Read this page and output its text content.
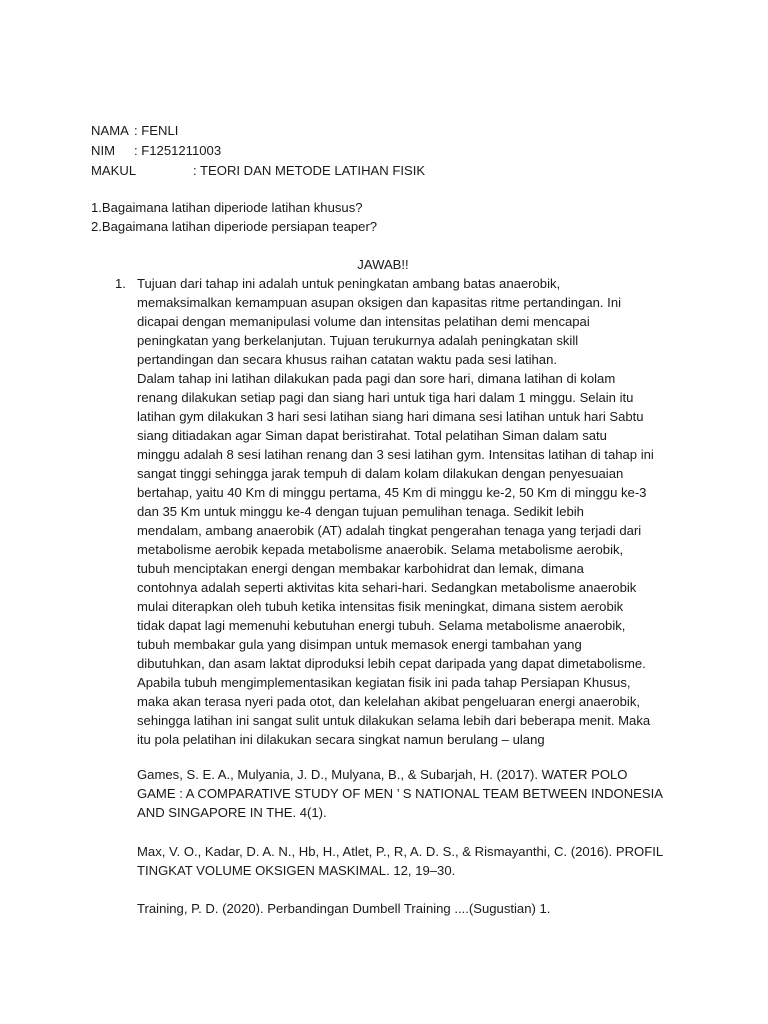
NAMA : FENLI
NIM : F1251211003
MAKUL	: TEORI DAN METODE LATIHAN FISIK
1.Bagaimana latihan diperiode latihan khusus?
2.Bagaimana latihan diperiode persiapan teaper?
JAWAB!!
1. Tujuan dari tahap ini adalah untuk peningkatan ambang batas anaerobik,
memaksimalkan kemampuan asupan oksigen dan kapasitas ritme pertandingan. Ini
dicapai dengan memanipulasi volume dan intensitas pelatihan demi mencapai
peningkatan yang berkelanjutan. Tujuan terukurnya adalah peningkatan skill
pertandingan dan secara khusus raihan catatan waktu pada sesi latihan.
Dalam tahap ini latihan dilakukan pada pagi dan sore hari, dimana latihan di kolam
renang dilakukan setiap pagi dan siang hari untuk tiga hari dalam 1 minggu. Selain itu
latihan gym dilakukan 3 hari sesi latihan siang hari dimana sesi latihan untuk hari Sabtu
siang ditiadakan agar Siman dapat beristirahat. Total pelatihan Siman dalam satu
minggu adalah 8 sesi latihan renang dan 3 sesi latihan gym. Intensitas latihan di tahap ini
sangat tinggi sehingga jarak tempuh di dalam kolam dilakukan dengan penyesuaian
bertahap, yaitu 40 Km di minggu pertama, 45 Km di minggu ke-2, 50 Km di minggu ke-3
dan 35 Km untuk minggu ke-4 dengan tujuan pemulihan tenaga. Sedikit lebih
mendalam, ambang anaerobik (AT) adalah tingkat pengerahan tenaga yang terjadi dari
metabolisme aerobik kepada metabolisme anaerobik. Selama metabolisme aerobik,
tubuh menciptakan energi dengan membakar karbohidrat dan lemak, dimana
contohnya adalah seperti aktivitas kita sehari-hari. Sedangkan metabolisme anaerobik
mulai diterapkan oleh tubuh ketika intensitas fisik meningkat, dimana sistem aerobik
tidak dapat lagi memenuhi kebutuhan energi tubuh. Selama metabolisme anaerobik,
tubuh membakar gula yang disimpan untuk memasok energi tambahan yang
dibutuhkan, dan asam laktat diproduksi lebih cepat daripada yang dapat dimetabolisme.
Apabila tubuh mengimplementasikan kegiatan fisik ini pada tahap Persiapan Khusus,
maka akan terasa nyeri pada otot, dan kelelahan akibat pengeluaran energi anaerobik,
sehingga latihan ini sangat sulit untuk dilakukan selama lebih dari beberapa menit. Maka
itu pola pelatihan ini dilakukan secara singkat namun berulang – ulang
Games, S. E. A., Mulyania, J. D., Mulyana, B., & Subarjah, H. (2017). WATER POLO
GAME : A COMPARATIVE STUDY OF MEN ’ S NATIONAL TEAM BETWEEN INDONESIA
AND SINGAPORE IN THE. 4(1).
Max, V. O., Kadar, D. A. N., Hb, H., Atlet, P., R, A. D. S., & Rismayanthi, C. (2016). PROFIL
TINGKAT VOLUME OKSIGEN MASKIMAL. 12, 19–30.
Training, P. D. (2020). Perbandingan Dumbell Training ....(Sugustian) 1.
